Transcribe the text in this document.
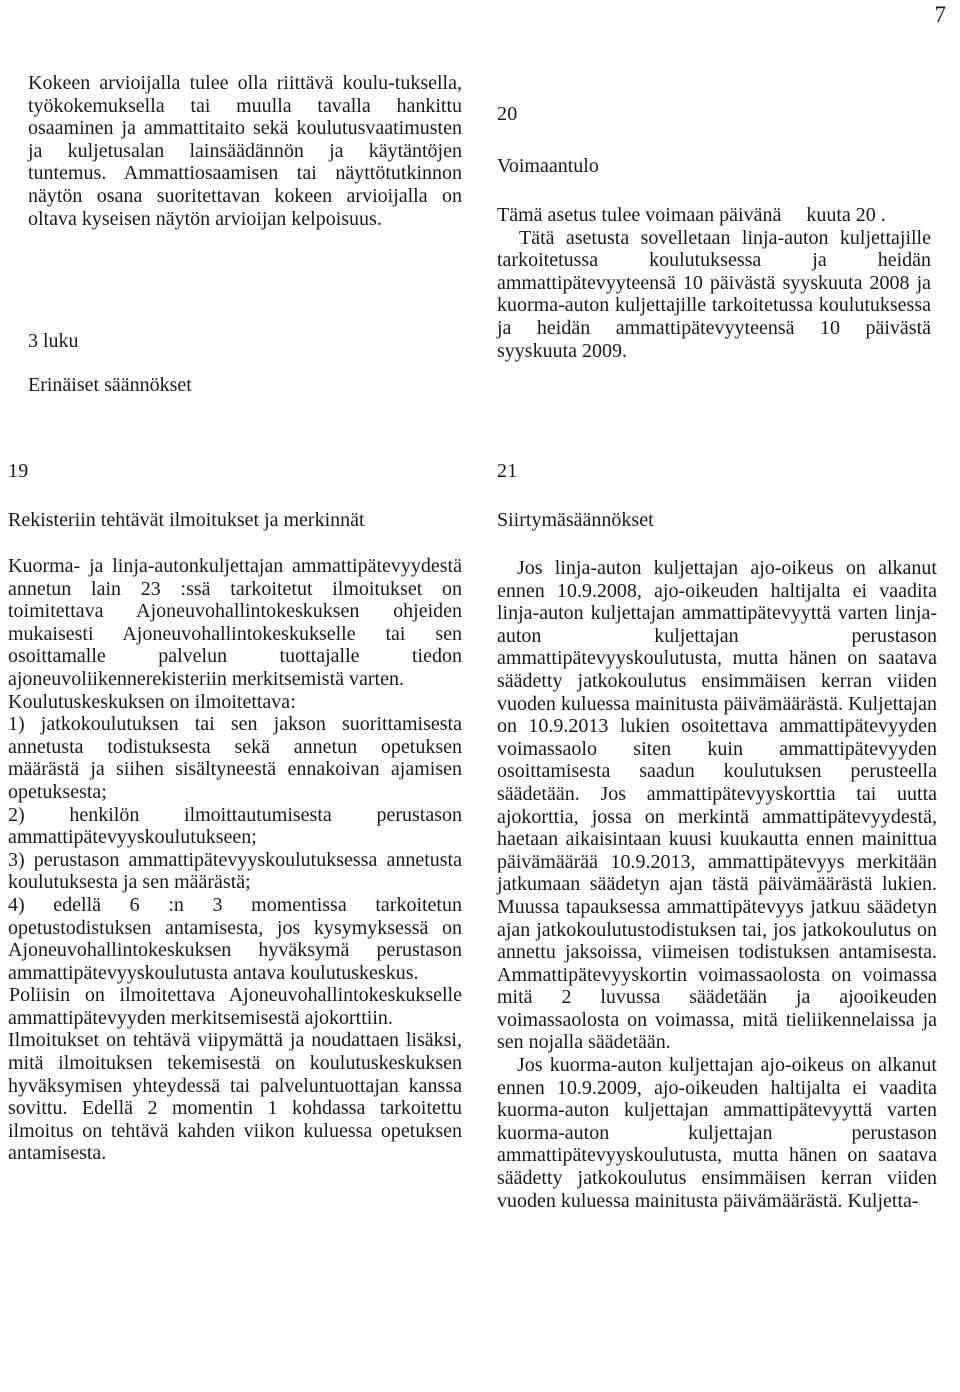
7

Kokeen arvioijalla tulee olla riittävä koulu-tuksella, työkokemuksella tai muulla tavalla hankittu osaaminen ja ammattitaito sekä koulutusvaatimusten ja kuljetusalan lainsäädännön ja käytäntöjen tuntemus. Ammattiosaamisen tai näyttötutkinnon näytön osana suoritettavan kokeen arvioijalla on oltava kyseisen näytön arvioijan kelpoisuus.

3 luku

Erinäiset säännökset

19

Rekisteriin tehtävät ilmoitukset ja merkinnät

Kuorma- ja linja-autonkuljettajan ammattipätevyydestä annetun lain 23 :ssä tarkoitetut ilmoitukset on toimitettava Ajoneuvohallintokeskuksen ohjeiden mukaisesti Ajoneuvohallintokeskukselle tai sen osoittamalle palvelun tuottajalle tiedon ajoneuvoliikennerekisteriin merkitsemistä varten.

Koulutuskeskuksen on ilmoitettava:

1) jatkokoulutuksen tai sen jakson suorittamisesta annetusta todistuksesta sekä annetun opetuksen määrästä ja siihen sisältyneestä ennakoivan ajamisen opetuksesta;

2) henkilön ilmoittautumisesta perustason ammattipätevyyskoulutukseen;

3) perustason ammattipätevyyskoulutuksessa annetusta koulutuksesta ja sen määrästä;

4) edellä 6 :n 3 momentissa tarkoitetun opetustodistuksen antamisesta, jos kysymyksessä on Ajoneuvohallintokeskuksen hyväksymä perustason ammattipätevyyskoulutusta antava koulutuskeskus.

Poliisin on ilmoitettava Ajoneuvohallintokeskukselle ammattipätevyyden merkitsemisestä ajokorttiin.

Ilmoitukset on tehtävä viipymättä ja noudattaen lisäksi, mitä ilmoituksen tekemisestä on koulutuskeskuksen hyväksymisen yhteydessä tai palveluntuottajan kanssa sovittu. Edellä 2 momentin 1 kohdassa tarkoitettu ilmoitus on tehtävä kahden viikon kuluessa opetuksen antamisesta.

20

Voimaantulo

Tämä asetus tulee voimaan päivänä     kuuta 20 .

Tätä asetusta sovelletaan linja-auton kuljettajille tarkoitetussa koulutuksessa ja heidän ammattipätevyyteensä 10 päivästä syyskuuta 2008 ja kuorma-auton kuljettajille tarkoitetussa koulutuksessa ja heidän ammattipätevyyteensä 10 päivästä syyskuuta 2009.

21

Siirtymäsäännökset

Jos linja-auton kuljettajan ajo-oikeus on alkanut ennen 10.9.2008, ajo-oikeuden haltijalta ei vaadita linja-auton kuljettajan ammattipätevyyttä varten linja-auton kuljettajan perustason ammattipätevyyskoulutusta, mutta hänen on saatava säädetty jatkokoulutus ensimmäisen kerran viiden vuoden kuluessa mainitusta päivämäärästä. Kuljettajan on 10.9.2013 lukien osoitettava ammattipätevyyden voimassaolo siten kuin ammattipätevyyden osoittamisesta saadun koulutuksen perusteella säädetään. Jos ammattipätevyyskorttia tai uutta ajokorttia, jossa on merkintä ammattipätevyydestä, haetaan aikaisintaan kuusi kuukautta ennen mainittua päivämäärää 10.9.2013, ammattipätevyys merkitään jatkumaan säädetyn ajan tästä päivämäärästä lukien. Muussa tapauksessa ammattipätevyys jatkuu säädetyn ajan jatkokoulutustodistuksen tai, jos jatkokoulutus on annettu jaksoissa, viimeisen todistuksen antamisesta. Ammattipätevyyskortin voimassaolosta on voimassa mitä 2 luvussa säädetään ja ajooikeuden voimassaolosta on voimassa, mitä tieliikennelaissa ja sen nojalla säädetään.

Jos kuorma-auton kuljettajan ajo-oikeus on alkanut ennen 10.9.2009, ajo-oikeuden haltijalta ei vaadita kuorma-auton kuljettajan ammattipätevyyttä varten kuorma-auton kuljettajan perustason ammattipätevyyskoulutusta, mutta hänen on saatava säädetty jatkokoulutus ensimmäisen kerran viiden vuoden kuluessa mainitusta päivämäärästä. Kuljetta-
